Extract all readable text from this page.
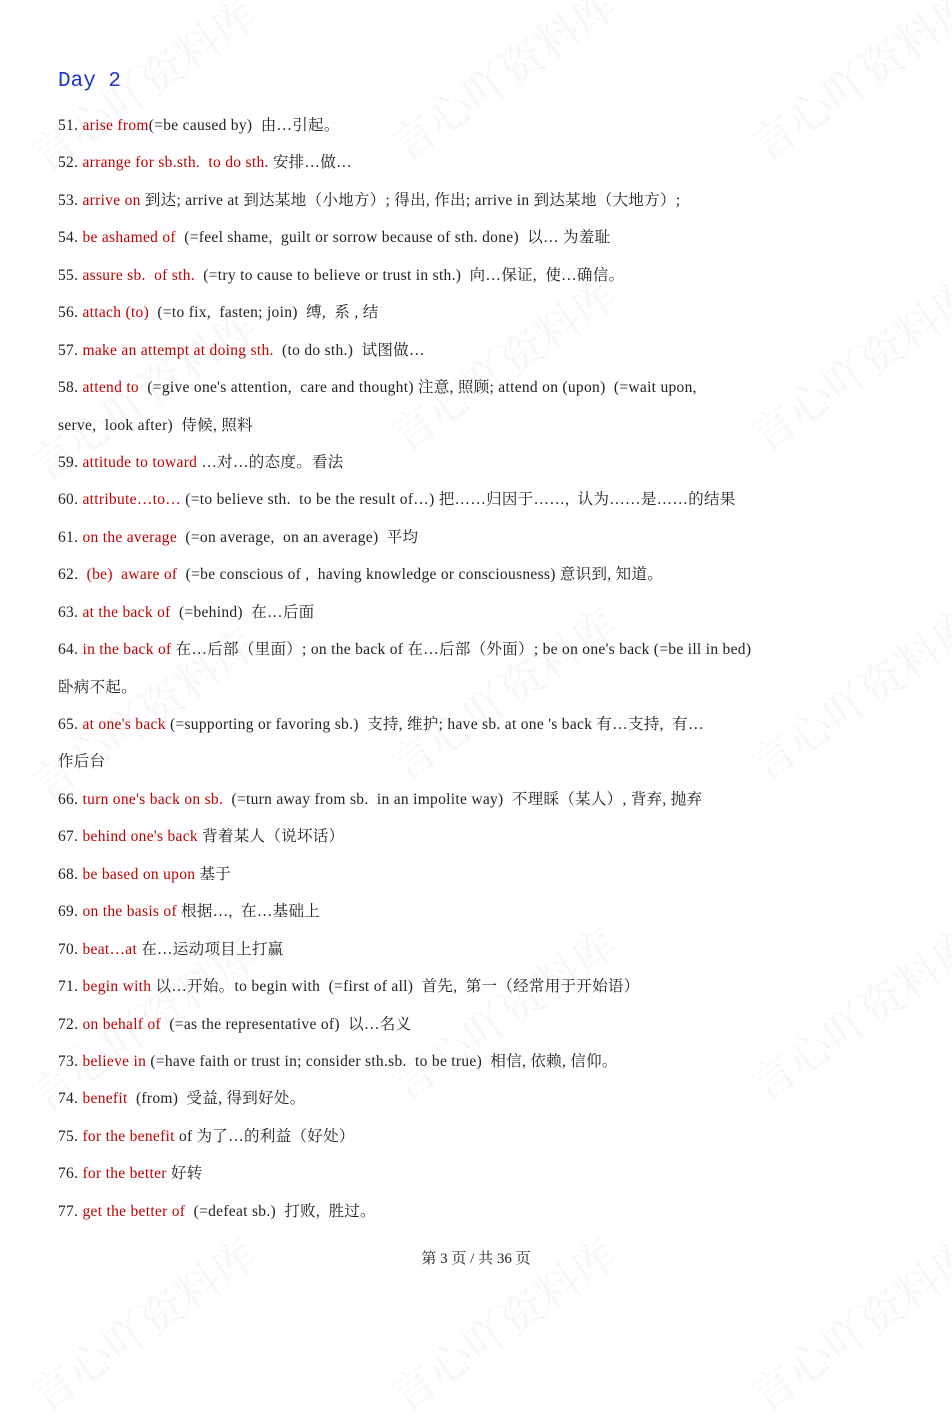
Day 2
51. arise from(=be caused by)  由…引起。
52. arrange for sb.sth.  to do sth. 安排…做…
53. arrive on 到达; arrive at 到达某地（小地方）; 得出, 作出; arrive in 到达某地（大地方）;
54. be ashamed of  (=feel shame,  guilt or sorrow because of sth. done)  以… 为羞耻
55. assure sb.  of sth.  (=try to cause to believe or trust in sth.)  向…保证,  使…确信。
56. attach (to)  (=to fix,  fasten; join)  缚,  系 , 结
57. make an attempt at doing sth.  (to do sth.)  试图做…
58. attend to  (=give one's attention,  care and thought) 注意, 照顾; attend on (upon)  (=wait upon,
serve,  look after)  侍候, 照料
59. attitude to toward …对…的态度。看法
60. attribute…to… (=to believe sth.  to be the result of…) 把……归因于……,  认为……是……的结果
61. on the average  (=on average,  on an average)  平均
62.  (be)  aware of  (=be conscious of ,  having knowledge or consciousness) 意识到, 知道。
63. at the back of  (=behind)  在…后面
64. in the back of 在…后部（里面）; on the back of 在…后部（外面）; be on one's back (=be ill in bed)
卧病不起。
65. at one's back (=supporting or favoring sb.)  支持, 维护; have sb. at one 's back 有…支持,  有…
作后台
66. turn one's back on sb.  (=turn away from sb.  in an impolite way)  不理睬（某人）, 背弃, 抛弃
67. behind one's back 背着某人（说坏话）
68. be based on upon 基于
69. on the basis of 根据…,  在…基础上
70. beat…at 在…运动项目上打赢
71. begin with 以…开始。to begin with  (=first of all)  首先,  第一（经常用于开始语）
72. on behalf of  (=as the representative of)  以…名义
73. believe in (=have faith or trust in; consider sth.sb.  to be true)  相信, 依赖, 信仰。
74. benefit  (from)  受益, 得到好处。
75. for the benefit of 为了…的利益（好处）
76. for the better 好转
77. get the better of  (=defeat sb.)  打败,  胜过。
第 3 页 / 共 36 页
